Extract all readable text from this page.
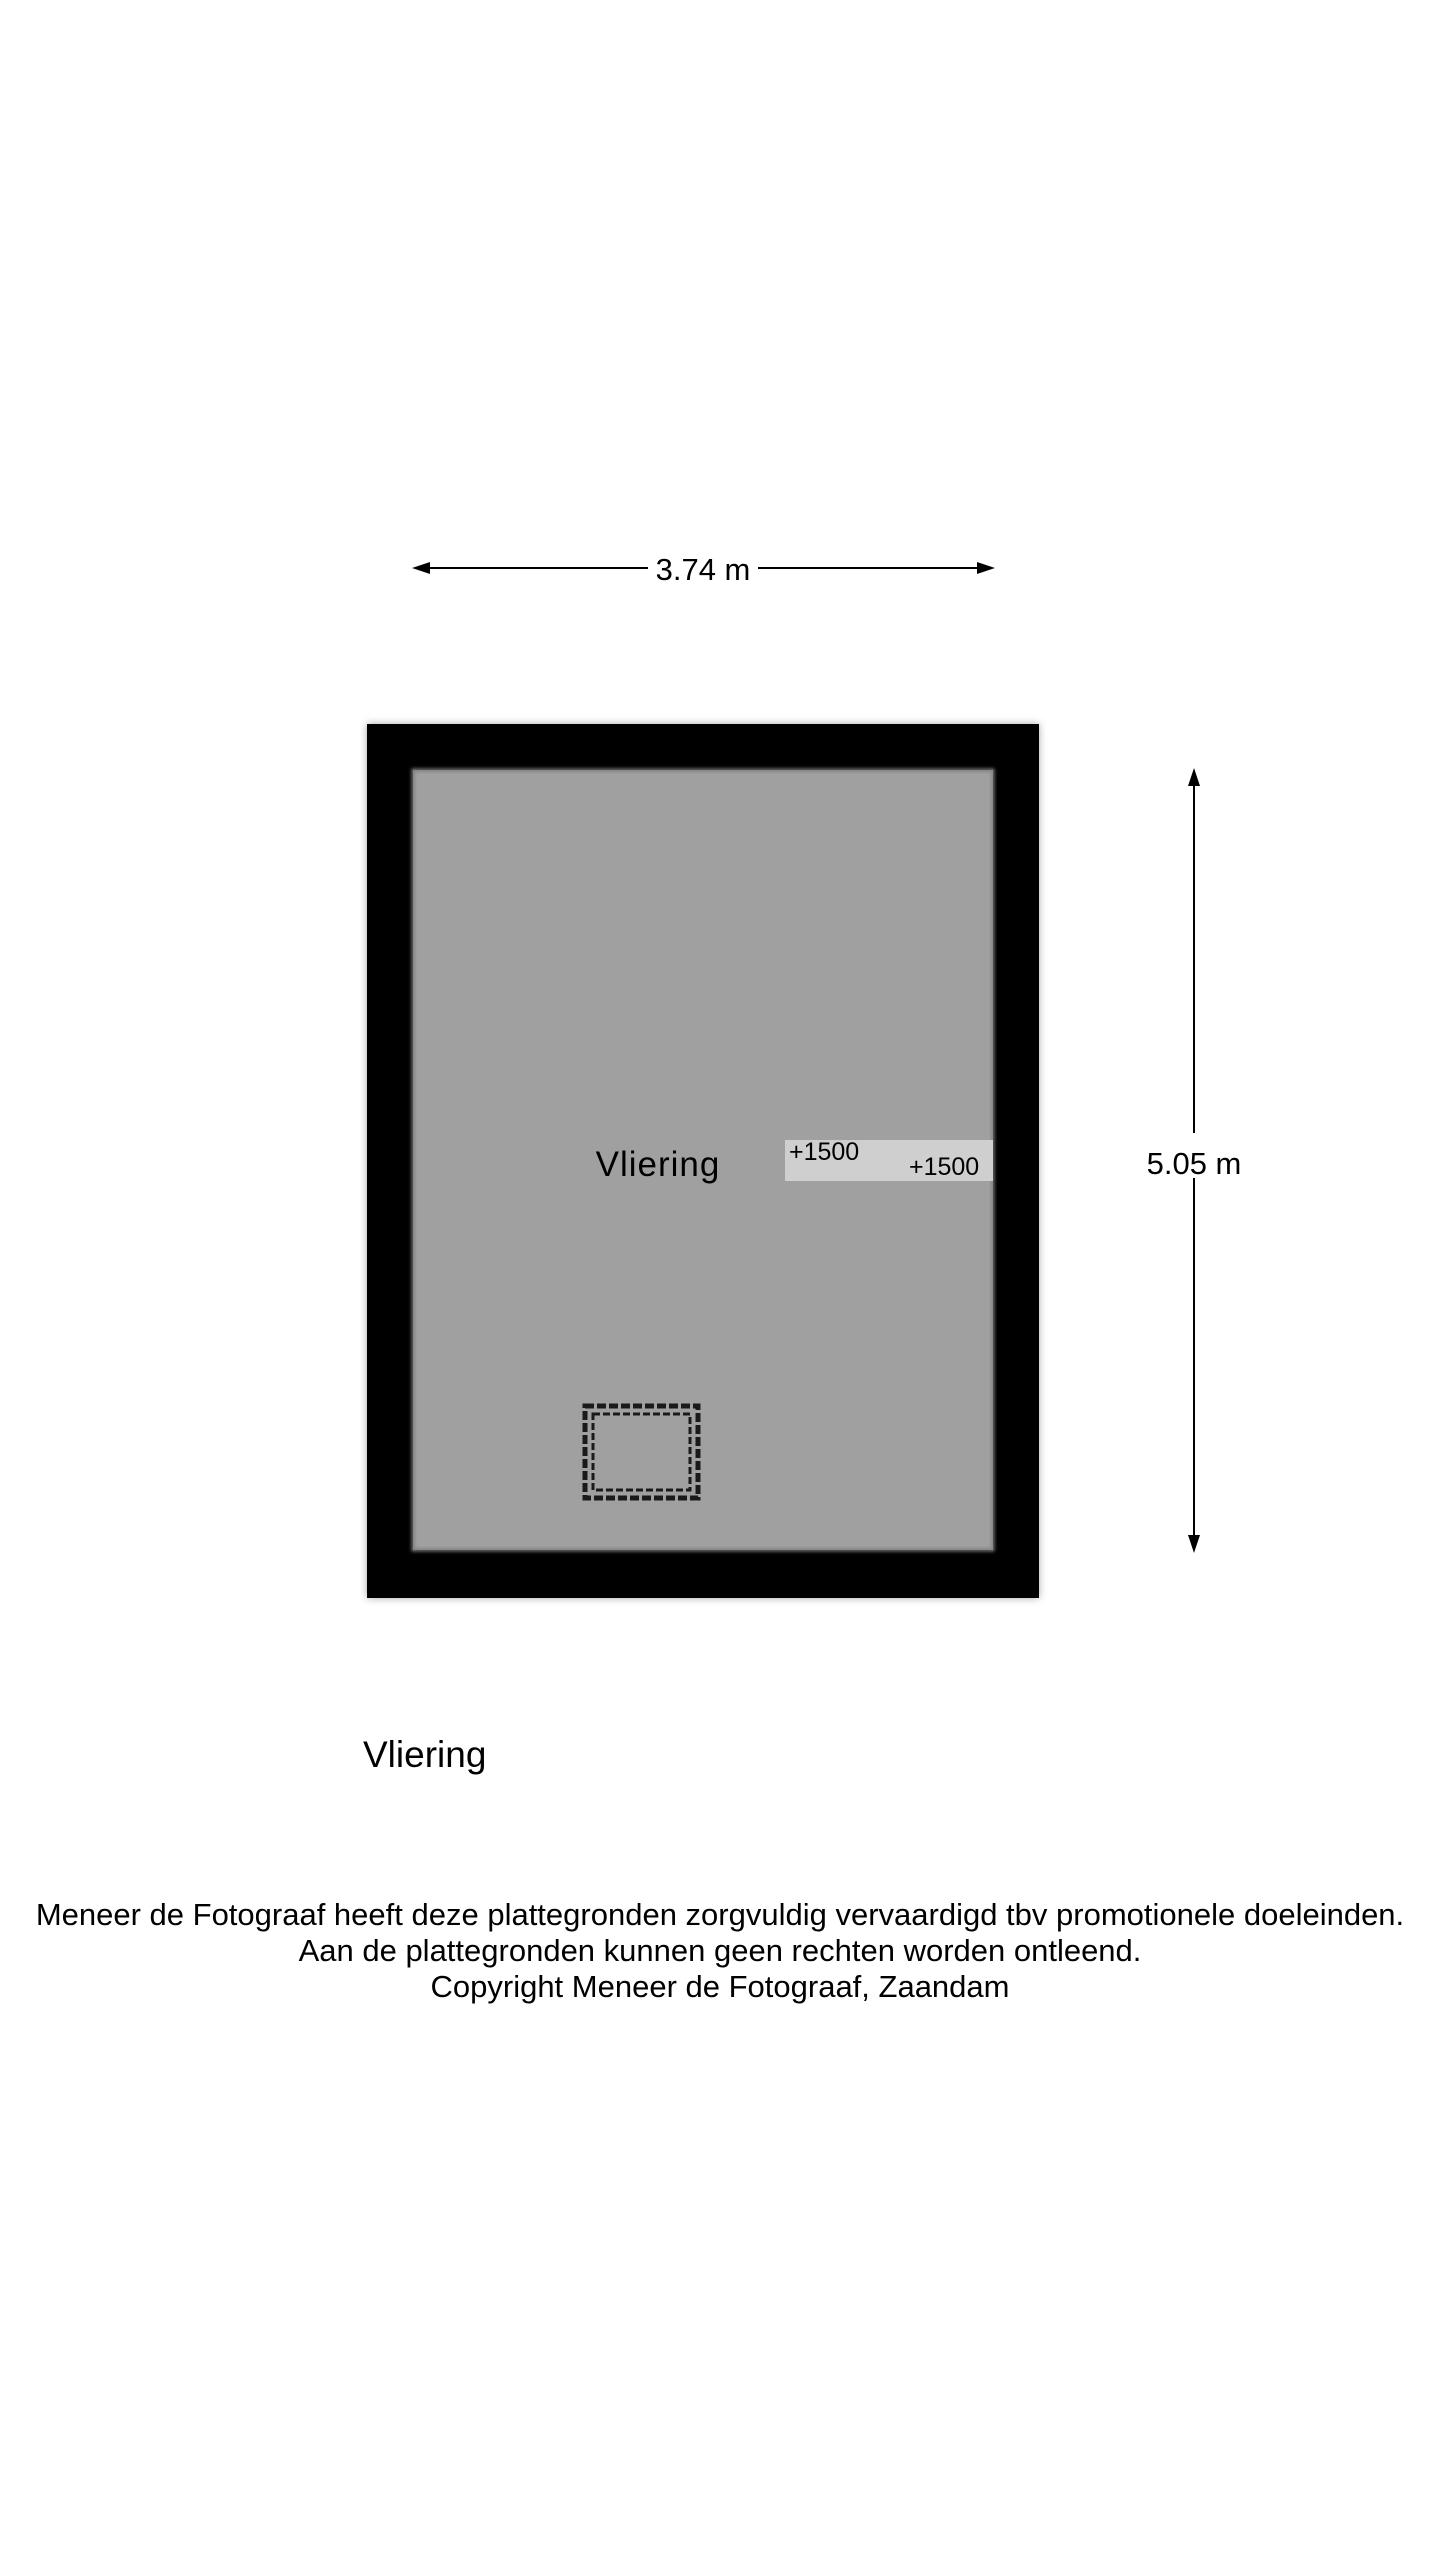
3.74 m
+1500
+1500
Vliering	5.05 m
Vliering
Meneer de Fotograaf heeft deze plattegronden zorgvuldig vervaardigd tbv promotionele doeleinden.
Aan de plattegronden kunnen geen rechten worden ontleend.
Copyright Meneer de Fotograaf, Zaandam
